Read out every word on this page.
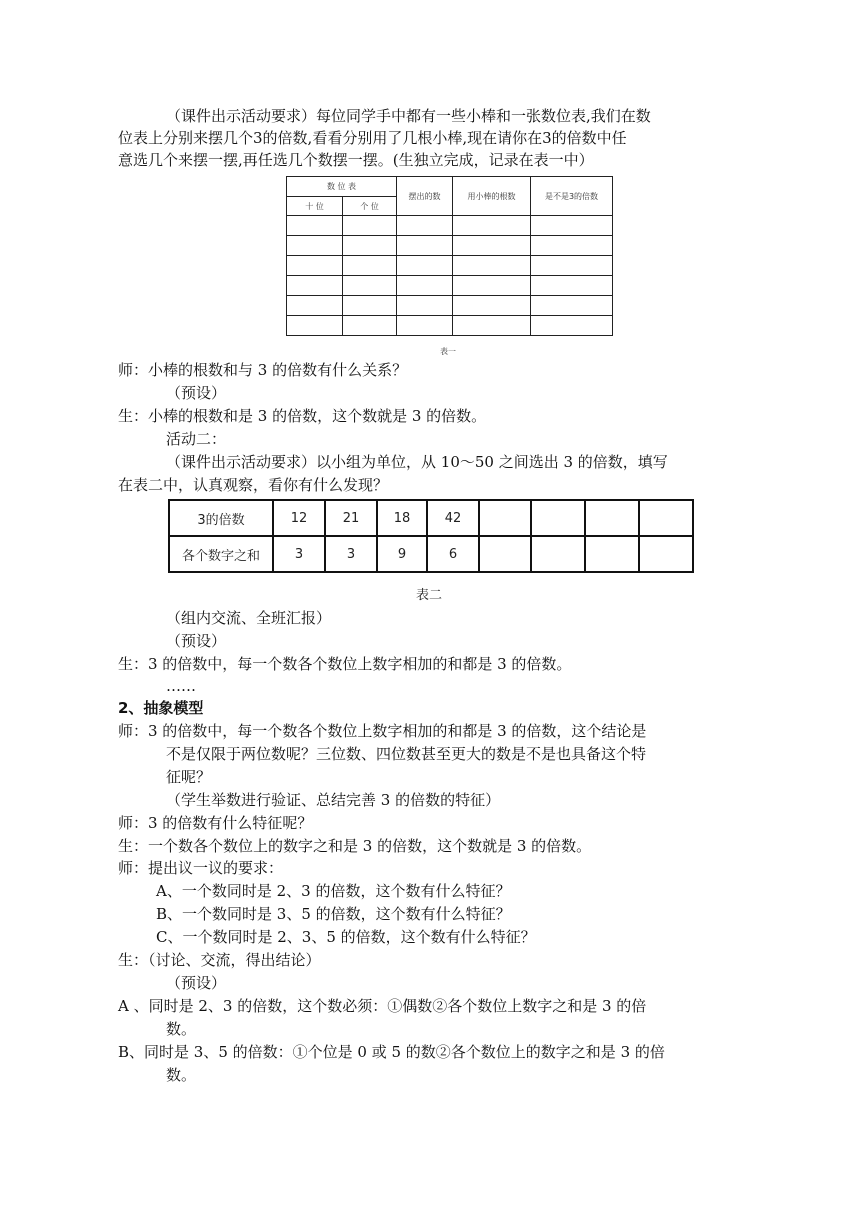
（课件出示活动要求）每位同学手中都有一些小棒和一张数位表,我们在数
位表上分别来摆几个3的倍数,看看分别用了几根小棒,现在请你在3的倍数中任
意选几个来摆一摆,再任选几个数摆一摆。(生独立完成，记录在表一中）
数 位 表		摆出的数	用小棒的根数	是不是3的倍数
十 位	个 位			

表一
师：小棒的根数和与 3 的倍数有什么关系？
（预设）
生：小棒的根数和是 3 的倍数，这个数就是 3 的倍数。
活动二：
（课件出示活动要求）以小组为单位，从 10～50 之间选出 3 的倍数，填写
在表二中，认真观察，看你有什么发现？
3的倍数	12	21	18	42				
各个数字之和	3	3	9	6				
表二
（组内交流、全班汇报）
（预设）
生：3 的倍数中，每一个数各个数位上数字相加的和都是 3 的倍数。
……
2、抽象模型
师：3 的倍数中，每一个数各个数位上数字相加的和都是 3 的倍数，这个结论是
不是仅限于两位数呢？三位数、四位数甚至更大的数是不是也具备这个特
征呢？
（学生举数进行验证、总结完善 3 的倍数的特征）
师：3 的倍数有什么特征呢？
生：一个数各个数位上的数字之和是 3 的倍数，这个数就是 3 的倍数。
师：提出议一议的要求：
A、一个数同时是 2、3 的倍数，这个数有什么特征？
B、一个数同时是 3、5 的倍数，这个数有什么特征？
C、一个数同时是 2、3、5 的倍数，这个数有什么特征？
生：（讨论、交流，得出结论）
（预设）
A 、同时是 2、3 的倍数，这个数必须：①偶数②各个数位上数字之和是 3 的倍
数。
B、同时是 3、5 的倍数：①个位是 0 或 5 的数②各个数位上的数字之和是 3 的倍
数。
